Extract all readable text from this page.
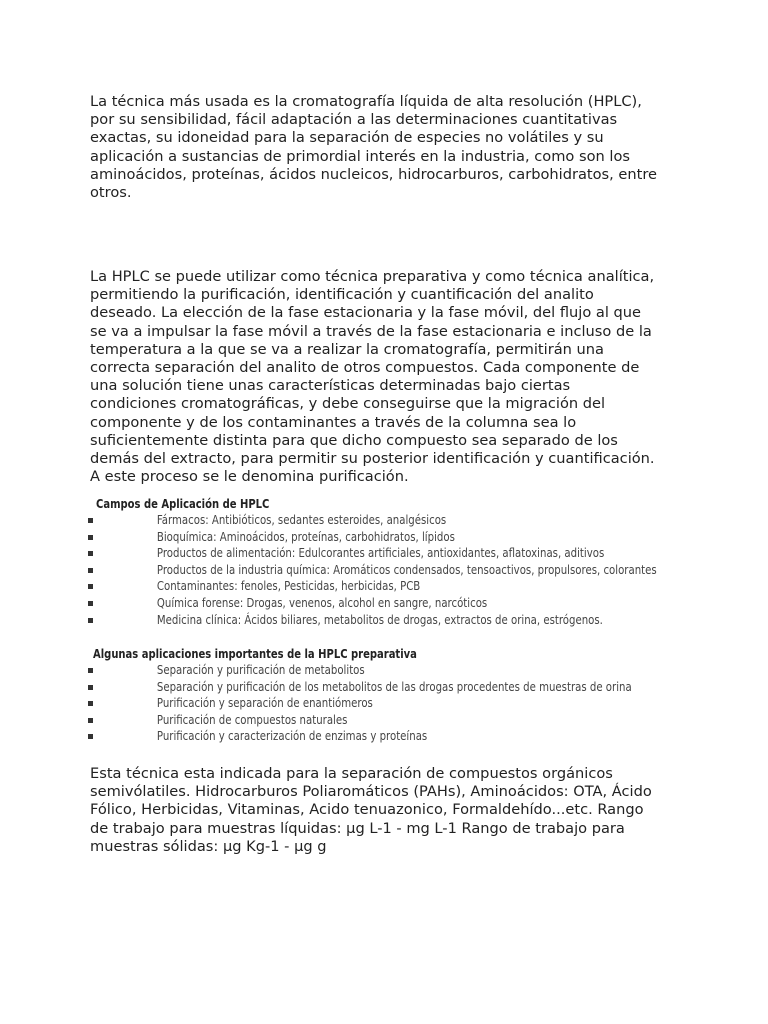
La técnica más usada es la cromatografía líquida de alta resolución (HPLC),
por su sensibilidad, fácil adaptación a las determinaciones cuantitativas
exactas, su idoneidad para la separación de especies no volátiles y su
aplicación a sustancias de primordial interés en la industria, como son los
aminoácidos, proteínas, ácidos nucleicos, hidrocarburos, carbohidratos, entre
otros.

La HPLC se puede utilizar como técnica preparativa y como técnica analítica,
permitiendo la purificación, identificación y cuantificación del analito
deseado. La elección de la fase estacionaria y la fase móvil, del flujo al que
se va a impulsar la fase móvil a través de la fase estacionaria e incluso de la
temperatura a la que se va a realizar la cromatografía, permitirán una
correcta separación del analito de otros compuestos. Cada componente de
una solución tiene unas características determinadas bajo ciertas
condiciones cromatográficas, y debe conseguirse que la migración del
componente y de los contaminantes a través de la columna sea lo
suficientemente distinta para que dicho compuesto sea separado de los
demás del extracto, para permitir su posterior identificación y cuantificación.
A este proceso se le denomina purificación.

Campos de Aplicación de HPLC
Fármacos: Antibióticos, sedantes esteroides, analgésicos
Bioquímica: Aminoácidos, proteínas, carbohidratos, lípidos
Productos de alimentación: Edulcorantes artificiales, antioxidantes, aflatoxinas, aditivos
Productos de la industria química: Aromáticos condensados, tensoactivos, propulsores, colorantes
Contaminantes: fenoles, Pesticidas, herbicidas, PCB
Química forense: Drogas, venenos, alcohol en sangre, narcóticos
Medicina clínica: Ácidos biliares, metabolitos de drogas, extractos de orina, estrógenos.
Algunas aplicaciones importantes de la HPLC preparativa
Separación y purificación de metabolitos
Separación y purificación de los metabolitos de las drogas procedentes de muestras de orina
Purificación y separación de enantiómeros
Purificación de compuestos naturales
Purificación y caracterización de enzimas y proteínas

Esta técnica esta indicada para la separación de compuestos orgánicos
semivólatiles. Hidrocarburos Poliaromáticos (PAHs), Aminoácidos: OTA, Ácido
Fólico, Herbicidas, Vitaminas, Acido tenuazonico, Formaldehído...etc. Rango
de trabajo para muestras líquidas: µg L-1 - mg L-1 Rango de trabajo para
muestras sólidas: µg Kg-1 - µg g
